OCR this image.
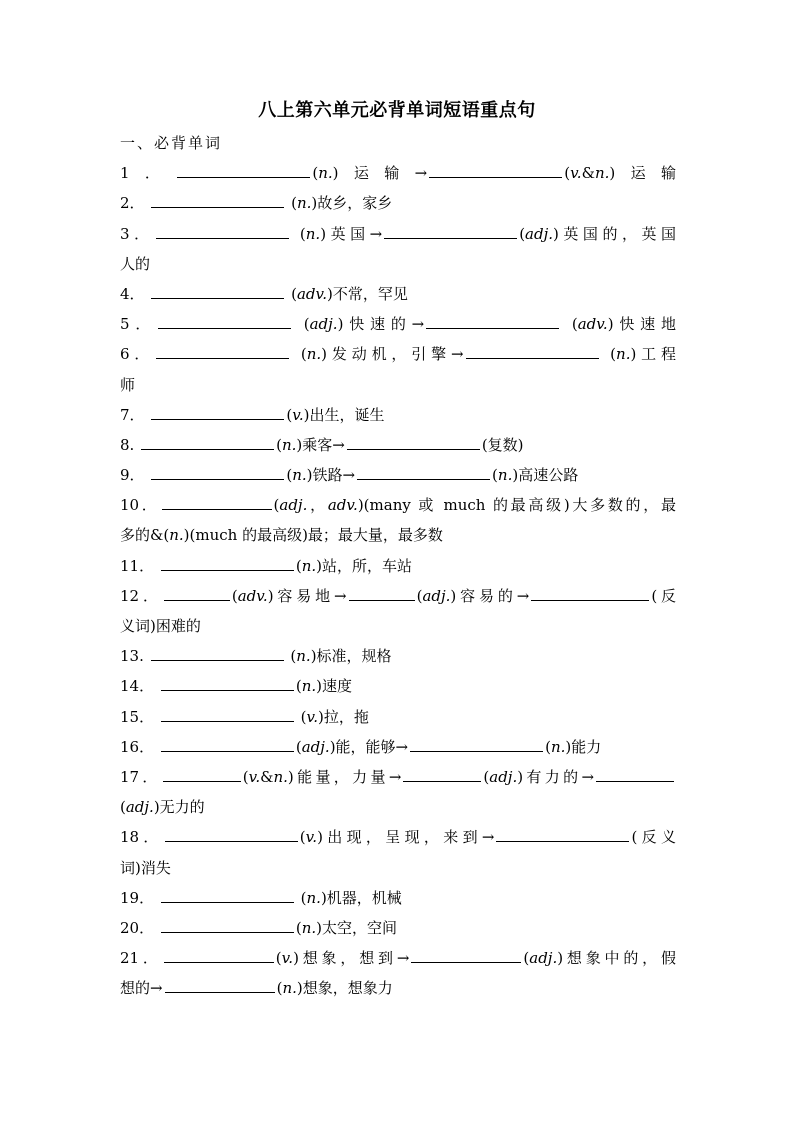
八上第六单元必背单词短语重点句
一、必背单词
1．	(n.)运输→	(v.&n.)运输
2．	(n.)故乡，家乡
3．	(n.)英国→	(adj.)英国的，英国
人的
4．	(adv.)不常，罕见
5．	(adj.)快速的→	(adv.)快速地
6．	(n.)发动机，引擎→	(n.)工程
师
7．	(v.)出生，诞生
8.	(n.)乘客→	(复数)
9．	(n.)铁路→	(n.)高速公路
10．	(adj.，adv.)(many 或 much 的最高级)大多数的，最
多的&(n.)(much 的最高级)最；最大量，最多数
11．	(n.)站，所，车站
12．	(adv.)容易地→	(adj.)容易的→	(反
义词)困难的
13.	(n.)标准，规格
14．	(n.)速度
15．	(v.)拉，拖
16．	(adj.)能，能够→	(n.)能力
17．	(v.&n.)能量，力量→	(adj.)有力的→
(adj.)无力的
18．	(v.)出现，呈现，来到→	(反义
词)消失
19．	(n.)机器，机械
20．	(n.)太空，空间
21．	(v.)想象，想到→	(adj.)想象中的，假
想的→	(n.)想象，想象力
